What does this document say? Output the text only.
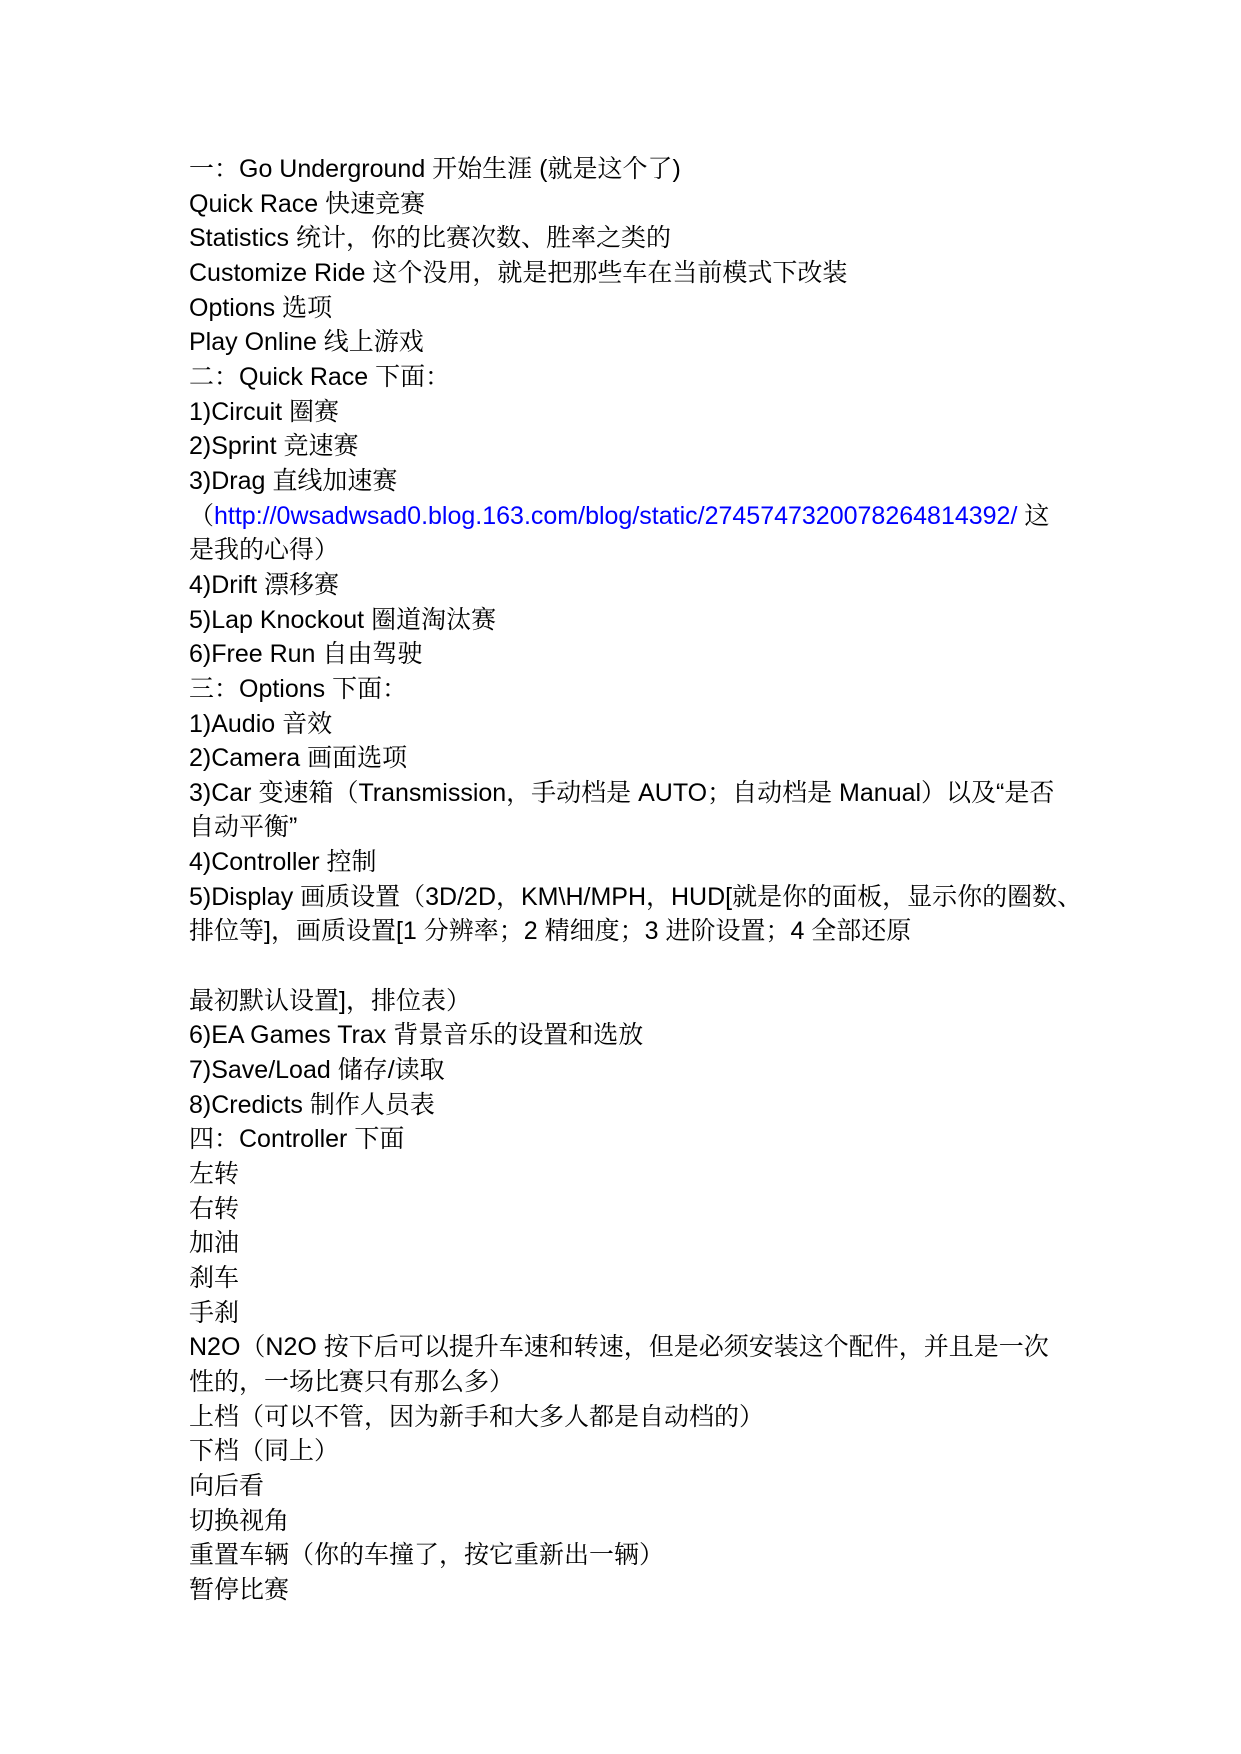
一：Go Underground 开始生涯 (就是这个了)
Quick Race 快速竞赛
Statistics 统计，你的比赛次数、胜率之类的
Customize Ride 这个没用，就是把那些车在当前模式下改装
Options 选项
Play Online 线上游戏
二：Quick Race 下面：
1)Circuit 圈赛
2)Sprint 竞速赛
3)Drag 直线加速赛
（http://0wsadwsad0.blog.163.com/blog/static/2745747320078264814392/ 这
是我的心得）
4)Drift 漂移赛
5)Lap Knockout 圈道淘汰赛
6)Free Run 自由驾驶
三：Options 下面：
1)Audio 音效
2)Camera 画面选项
3)Car 变速箱（Transmission，手动档是 AUTO；自动档是 Manual）以及“是否
自动平衡”
4)Controller 控制
5)Display 画质设置（3D/2D，KM\H/MPH，HUD[就是你的面板，显示你的圈数、
排位等]，画质设置[1 分辨率；2 精细度；3 进阶设置；4 全部还原
最初默认设置]，排位表）
6)EA Games Trax 背景音乐的设置和选放
7)Save/Load 储存/读取
8)Credicts 制作人员表
四：Controller 下面
左转
右转
加油
刹车
手刹
N2O（N2O 按下后可以提升车速和转速，但是必须安装这个配件，并且是一次
性的，一场比赛只有那么多）
上档（可以不管，因为新手和大多人都是自动档的）
下档（同上）
向后看
切换视角
重置车辆（你的车撞了，按它重新出一辆）
暂停比赛
